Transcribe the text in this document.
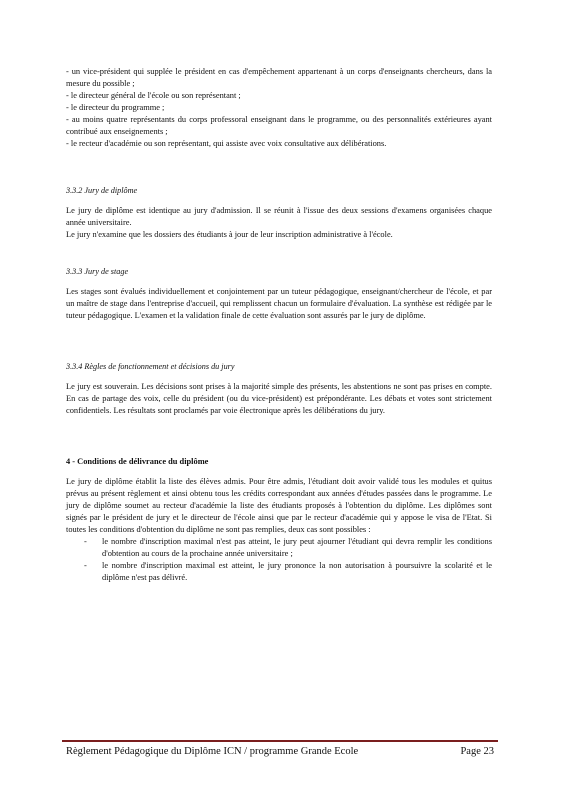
- un vice-président qui supplée le président en cas d'empêchement appartenant à un corps d'enseignants chercheurs, dans la mesure du possible ;

- le directeur général de l'école ou son représentant ;

- le directeur du programme ;

- au moins quatre représentants du corps professoral enseignant dans le programme, ou des personnalités extérieures ayant contribué aux enseignements ;

- le recteur d'académie ou son représentant, qui assiste avec voix consultative aux délibérations.

3.3.2 Jury de diplôme

Le jury de diplôme est identique au jury d'admission. Il se réunit à l'issue des deux sessions d'examens organisées chaque année universitaire.

Le jury n'examine que les dossiers des étudiants à jour de leur inscription administrative à l'école.

3.3.3 Jury de stage

Les stages sont évalués individuellement et conjointement par un tuteur pédagogique, enseignant/chercheur de l'école, et par un maître de stage dans l'entreprise d'accueil, qui remplissent chacun un formulaire d'évaluation. La synthèse est rédigée par le tuteur pédagogique. L'examen et la validation finale de cette évaluation sont assurés par le jury de diplôme.

3.3.4 Règles de fonctionnement et décisions du jury

Le jury est souverain. Les décisions sont prises à la majorité simple des présents, les abstentions ne sont pas prises en compte. En cas de partage des voix, celle du président (ou du vice-président) est prépondérante. Les débats et votes sont strictement confidentiels. Les résultats sont proclamés par voie électronique après les délibérations du jury.

4 - Conditions de délivrance du diplôme

Le jury de diplôme établit la liste des élèves admis. Pour être admis, l'étudiant doit avoir validé tous les modules et quitus prévus au présent règlement et ainsi obtenu tous les crédits correspondant aux années d'études passées dans le programme. Le jury de diplôme soumet au recteur d'académie la liste des étudiants proposés à l'obtention du diplôme. Les diplômes sont signés par le président de jury et le directeur de l'école ainsi que par le recteur d'académie qui y appose le visa de l'Etat. Si toutes les conditions d'obtention du diplôme ne sont pas remplies, deux cas sont possibles :

- le nombre d'inscription maximal n'est pas atteint, le jury peut ajourner l'étudiant qui devra remplir les conditions d'obtention au cours de la prochaine année universitaire ;
- le nombre d'inscription maximal est atteint, le jury prononce la non autorisation à poursuivre la scolarité et le diplôme n'est pas délivré.
Règlement Pédagogique du Diplôme ICN / programme Grande Ecole	Page 23
